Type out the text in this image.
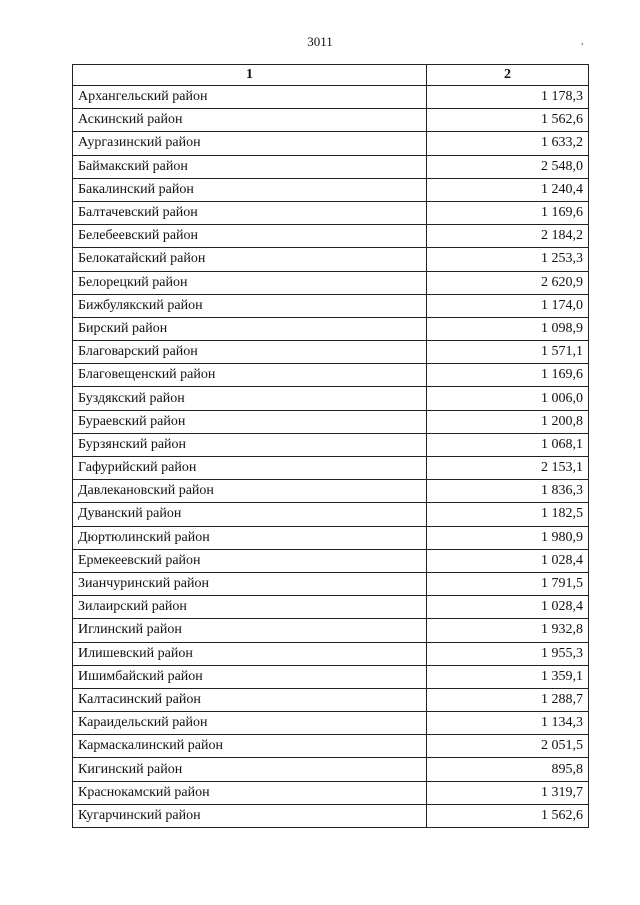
3011	,
1	2
Архангельский район	1 178,3
Аскинский район	1 562,6
Аургазинский район	1 633,2
Баймакский район	2 548,0
Бакалинский район	1 240,4
Балтачевский район	1 169,6
Белебеевский район	2 184,2
Белокатайский район	1 253,3
Белорецкий район	2 620,9
Бижбулякский район	1 174,0
Бирский район	1 098,9
Благоварский район	1 571,1
Благовещенский район	1 169,6
Буздякский район	1 006,0
Бураевский район	1 200,8
Бурзянский район	1 068,1
Гафурийский район	2 153,1
Давлекановский район	1 836,3
Дуванский район	1 182,5
Дюртюлинский район	1 980,9
Ермекеевский район	1 028,4
Зианчуринский район	1 791,5
Зилаирский район	1 028,4
Иглинский район	1 932,8
Илишевский район	1 955,3
Ишимбайский район	1 359,1
Калтасинский район	1 288,7
Караидельский район	1 134,3
Кармаскалинский район	2 051,5
Кигинский район	895,8
Краснокамский район	1 319,7
Кугарчинский район	1 562,6
